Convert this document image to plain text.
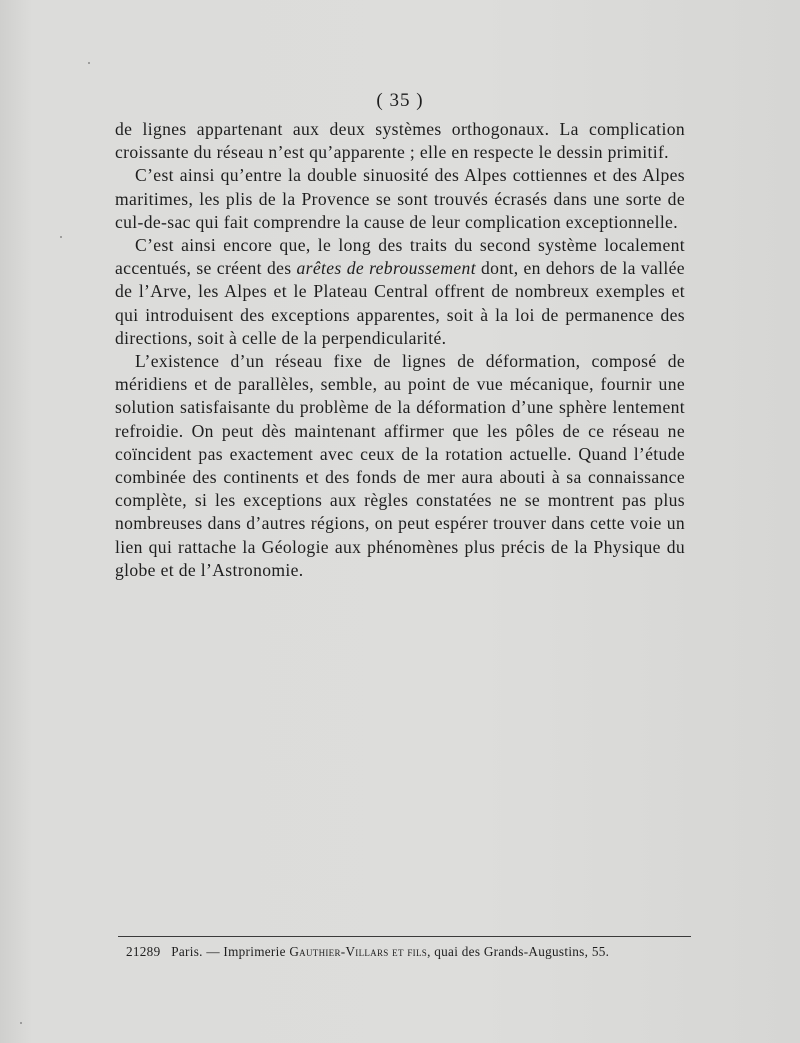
( 35 )

de lignes appartenant aux deux systèmes orthogonaux. La complication croissante du réseau n’est qu’apparente ; elle en respecte le dessin primitif.

C’est ainsi qu’entre la double sinuosité des Alpes cottiennes et des Alpes maritimes, les plis de la Provence se sont trouvés écrasés dans une sorte de cul-de-sac qui fait comprendre la cause de leur complication exceptionnelle.

C’est ainsi encore que, le long des traits du second système localement accentués, se créent des arêtes de rebroussement dont, en dehors de la vallée de l’Arve, les Alpes et le Plateau Central offrent de nombreux exemples et qui introduisent des exceptions apparentes, soit à la loi de permanence des directions, soit à celle de la perpendicularité.

L’existence d’un réseau fixe de lignes de déformation, composé de méridiens et de parallèles, semble, au point de vue mécanique, fournir une solution satisfaisante du problème de la déformation d’une sphère lentement refroidie. On peut dès maintenant affirmer que les pôles de ce réseau ne coïncident pas exactement avec ceux de la rotation actuelle. Quand l’étude combinée des continents et des fonds de mer aura abouti à sa connaissance complète, si les exceptions aux règles constatées ne se montrent pas plus nombreuses dans d’autres régions, on peut espérer trouver dans cette voie un lien qui rattache la Géologie aux phénomènes plus précis de la Physique du globe et de l’Astronomie.

21289 Paris. — Imprimerie Gauthier-Villars et fils, quai des Grands-Augustins, 55.
